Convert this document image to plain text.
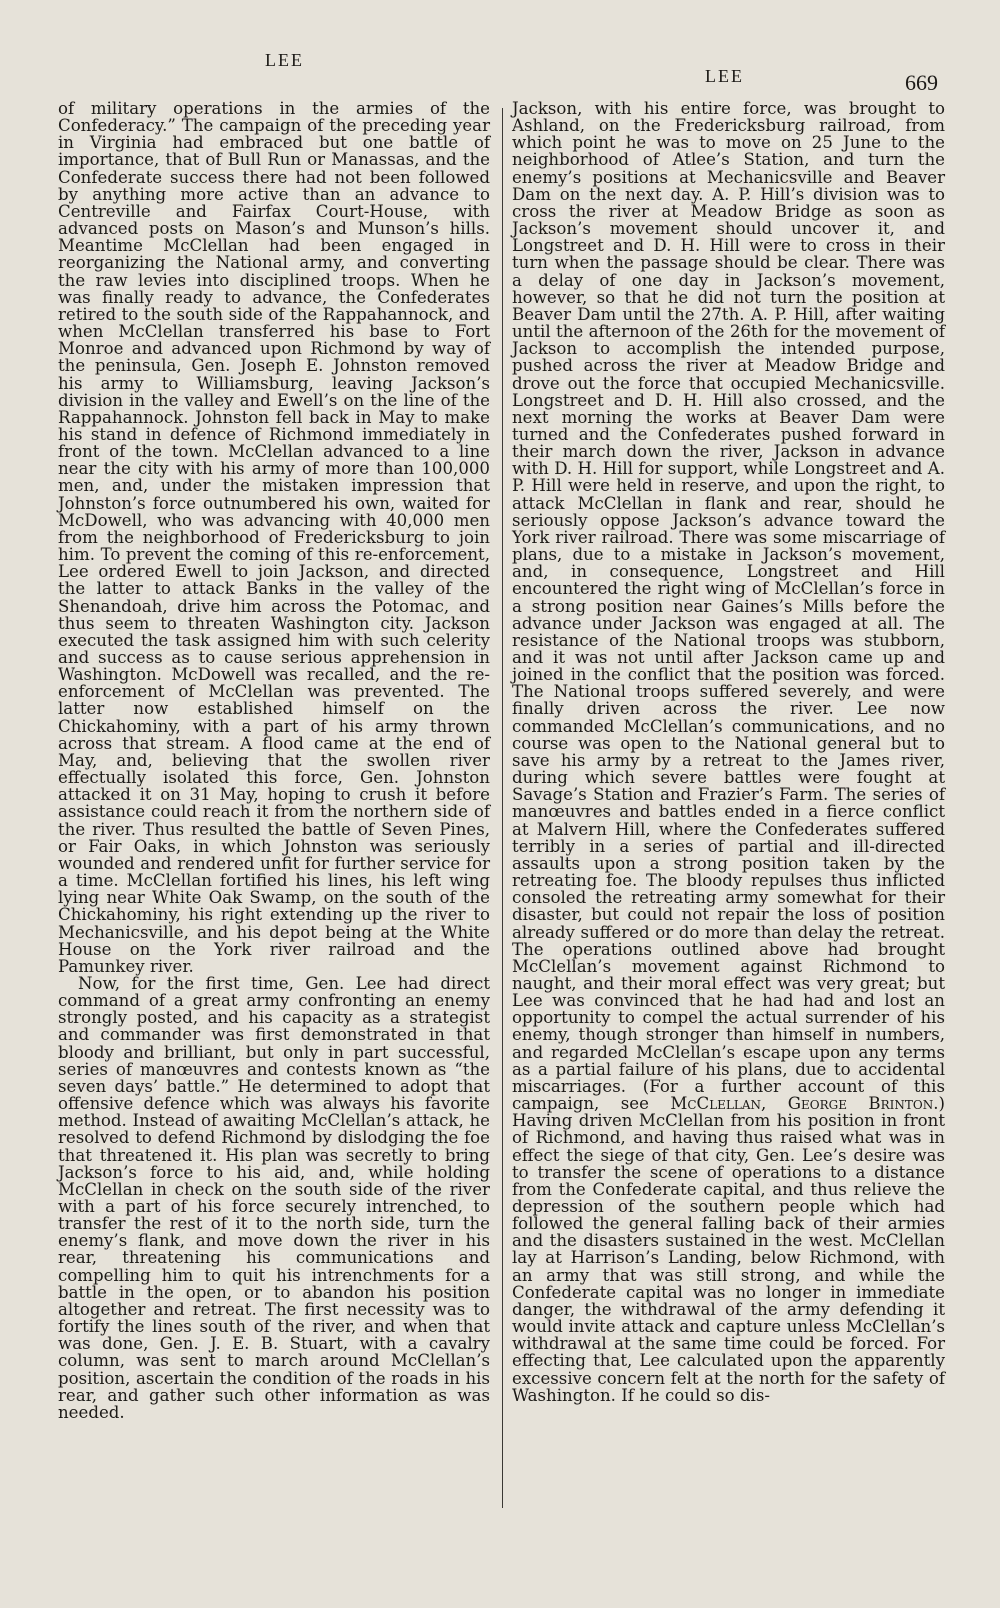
LEE
LEE	669

of military operations in the armies of the Confederacy.” The campaign of the preceding year in Virginia had embraced but one battle of importance, that of Bull Run or Manassas, and the Confederate success there had not been followed by anything more active than an advance to Centreville and Fairfax Court-House, with advanced posts on Mason’s and Munson’s hills. Meantime McClellan had been engaged in reorganizing the National army, and converting the raw levies into disciplined troops. When he was finally ready to advance, the Confederates retired to the south side of the Rappahannock, and when McClellan transferred his base to Fort Monroe and advanced upon Richmond by way of the peninsula, Gen. Joseph E. Johnston removed his army to Williamsburg, leaving Jackson’s division in the valley and Ewell’s on the line of the Rappahannock. Johnston fell back in May to make his stand in defence of Richmond immediately in front of the town. McClellan advanced to a line near the city with his army of more than 100,000 men, and, under the mistaken impression that Johnston’s force outnumbered his own, waited for McDowell, who was advancing with 40,000 men from the neighborhood of Fredericksburg to join him. To prevent the coming of this re-enforcement, Lee ordered Ewell to join Jackson, and directed the latter to attack Banks in the valley of the Shenandoah, drive him across the Potomac, and thus seem to threaten Washington city. Jackson executed the task assigned him with such celerity and success as to cause serious apprehension in Washington. McDowell was recalled, and the re-enforcement of McClellan was prevented. The latter now established himself on the Chickahominy, with a part of his army thrown across that stream. A flood came at the end of May, and, believing that the swollen river effectually isolated this force, Gen. Johnston attacked it on 31 May, hoping to crush it before assistance could reach it from the northern side of the river. Thus resulted the battle of Seven Pines, or Fair Oaks, in which Johnston was seriously wounded and rendered unfit for further service for a time. McClellan fortified his lines, his left wing lying near White Oak Swamp, on the south of the Chickahominy, his right extending up the river to Mechanicsville, and his depot being at the White House on the York river railroad and the Pamunkey river.

Now, for the first time, Gen. Lee had direct command of a great army confronting an enemy strongly posted, and his capacity as a strategist and commander was first demonstrated in that bloody and brilliant, but only in part successful, series of manœuvres and contests known as “the seven days’ battle.” He determined to adopt that offensive defence which was always his favorite method. Instead of awaiting McClellan’s attack, he resolved to defend Richmond by dislodging the foe that threatened it. His plan was secretly to bring Jackson’s force to his aid, and, while holding McClellan in check on the south side of the river with a part of his force securely intrenched, to transfer the rest of it to the north side, turn the enemy’s flank, and move down the river in his rear, threatening his communications and compelling him to quit his intrenchments for a battle in the open, or to abandon his position altogether and retreat. The first necessity was to fortify the lines south of the river, and when that was done, Gen. J. E. B. Stuart, with a cavalry column, was sent to march around McClellan’s position, ascertain the condition of the roads in his rear, and gather such other information as was needed.

Jackson, with his entire force, was brought to Ashland, on the Fredericksburg railroad, from which point he was to move on 25 June to the neighborhood of Atlee’s Station, and turn the enemy’s positions at Mechanicsville and Beaver Dam on the next day. A. P. Hill’s division was to cross the river at Meadow Bridge as soon as Jackson’s movement should uncover it, and Longstreet and D. H. Hill were to cross in their turn when the passage should be clear. There was a delay of one day in Jackson’s movement, however, so that he did not turn the position at Beaver Dam until the 27th. A. P. Hill, after waiting until the afternoon of the 26th for the movement of Jackson to accomplish the intended purpose, pushed across the river at Meadow Bridge and drove out the force that occupied Mechanicsville. Longstreet and D. H. Hill also crossed, and the next morning the works at Beaver Dam were turned and the Confederates pushed forward in their march down the river, Jackson in advance with D. H. Hill for support, while Longstreet and A. P. Hill were held in reserve, and upon the right, to attack McClellan in flank and rear, should he seriously oppose Jackson’s advance toward the York river railroad. There was some miscarriage of plans, due to a mistake in Jackson’s movement, and, in consequence, Longstreet and Hill encountered the right wing of McClellan’s force in a strong position near Gaines’s Mills before the advance under Jackson was engaged at all. The resistance of the National troops was stubborn, and it was not until after Jackson came up and joined in the conflict that the position was forced. The National troops suffered severely, and were finally driven across the river. Lee now commanded McClellan’s communications, and no course was open to the National general but to save his army by a retreat to the James river, during which severe battles were fought at Savage’s Station and Frazier’s Farm. The series of manœuvres and battles ended in a fierce conflict at Malvern Hill, where the Confederates suffered terribly in a series of partial and ill-directed assaults upon a strong position taken by the retreating foe. The bloody repulses thus inflicted consoled the retreating army somewhat for their disaster, but could not repair the loss of position already suffered or do more than delay the retreat. The operations outlined above had brought McClellan’s movement against Richmond to naught, and their moral effect was very great; but Lee was convinced that he had had and lost an opportunity to compel the actual surrender of his enemy, though stronger than himself in numbers, and regarded McClellan’s escape upon any terms as a partial failure of his plans, due to accidental miscarriages. (For a further account of this campaign, see McClellan, George Brinton.) Having driven McClellan from his position in front of Richmond, and having thus raised what was in effect the siege of that city, Gen. Lee’s desire was to transfer the scene of operations to a distance from the Confederate capital, and thus relieve the depression of the southern people which had followed the general falling back of their armies and the disasters sustained in the west. McClellan lay at Harrison’s Landing, below Richmond, with an army that was still strong, and while the Confederate capital was no longer in immediate danger, the withdrawal of the army defending it would invite attack and capture unless McClellan’s withdrawal at the same time could be forced. For effecting that, Lee calculated upon the apparently excessive concern felt at the north for the safety of Washington. If he could so dis-
